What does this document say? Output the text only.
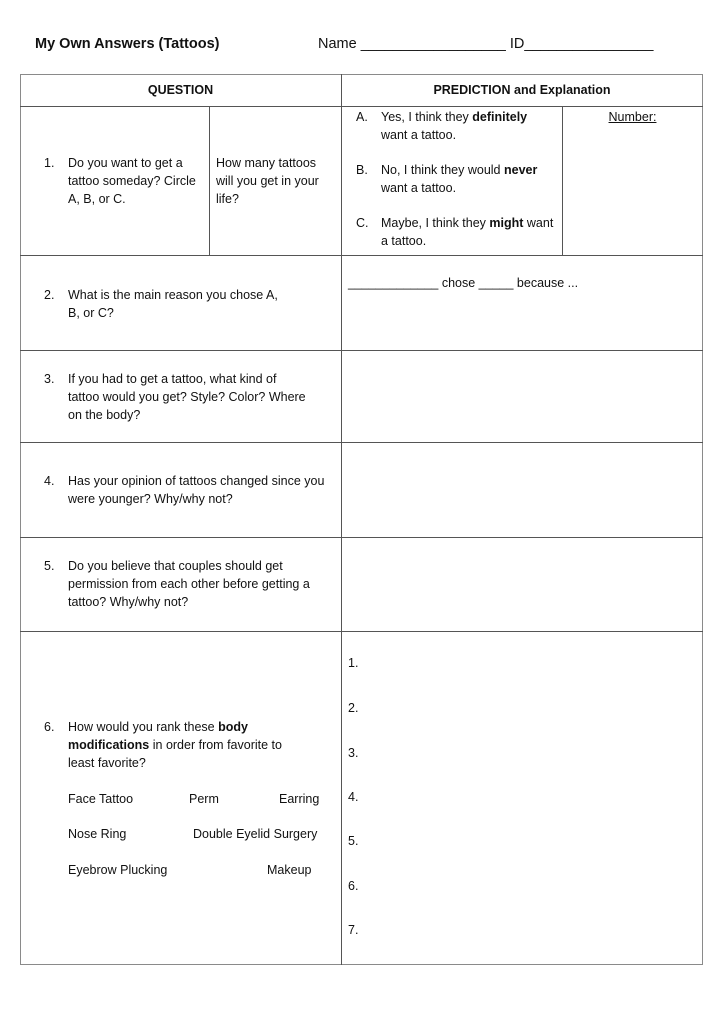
My Own Answers (Tattoos)	Name __________________ ID________________
QUESTION	PREDICTION and Explanation
1. Do you want to get a tattoo someday? Circle A, B, or C.
How many tattoos will you get in your life?
A. Yes, I think they definitely want a tattoo.
B. No, I think they would never want a tattoo.
C. Maybe, I think they might want a tattoo.
Number:
2. What is the main reason you chose A, B, or C?
_____________ chose _____ because ...
3. If you had to get a tattoo, what kind of tattoo would you get? Style? Color? Where on the body?
4. Has your opinion of tattoos changed since you were younger? Why/why not?
5. Do you believe that couples should get permission from each other before getting a tattoo? Why/why not?
6. How would you rank these body modifications in order from favorite to least favorite?
Face Tattoo	Perm	Earring
Nose Ring	Double Eyelid Surgery
Eyebrow Plucking	Makeup
1.
2.
3.
4.
5.
6.
7.
